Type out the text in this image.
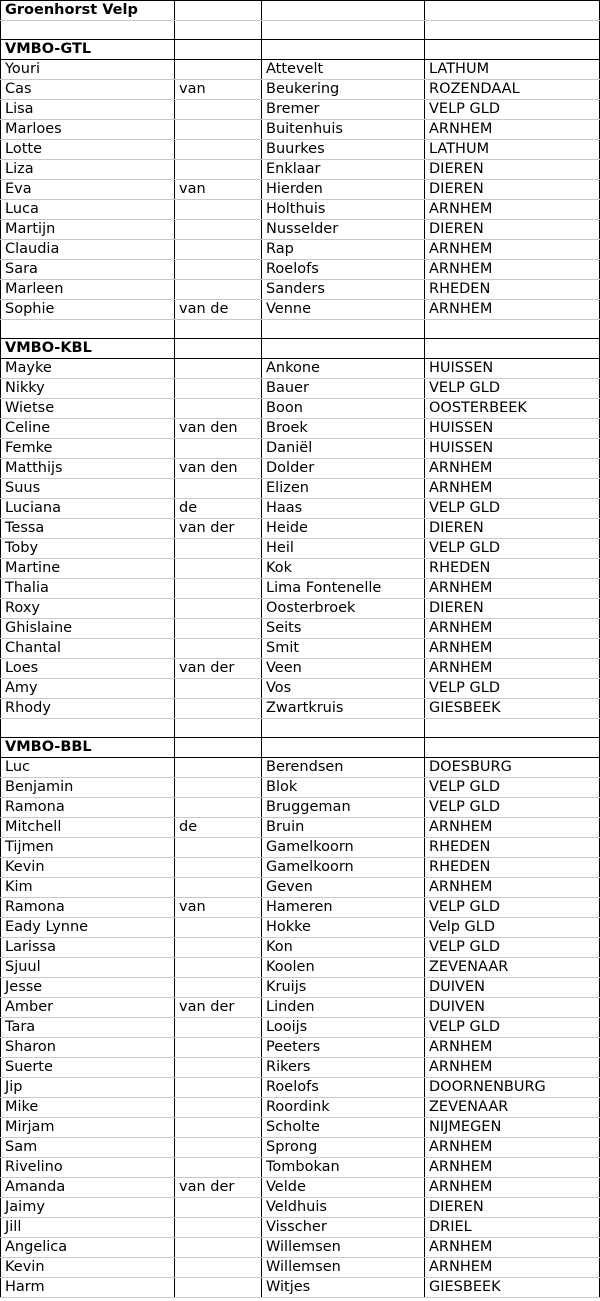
Groenhorst Velp			

VMBO-GTL			
Youri		Attevelt	LATHUM
Cas	van	Beukering	ROZENDAAL
Lisa		Bremer	VELP GLD
Marloes		Buitenhuis	ARNHEM
Lotte		Buurkes	LATHUM
Liza		Enklaar	DIEREN
Eva	van	Hierden	DIEREN
Luca		Holthuis	ARNHEM
Martijn		Nusselder	DIEREN
Claudia		Rap	ARNHEM
Sara		Roelofs	ARNHEM
Marleen		Sanders	RHEDEN
Sophie	van de	Venne	ARNHEM

VMBO-KBL			
Mayke		Ankone	HUISSEN
Nikky		Bauer	VELP GLD
Wietse		Boon	OOSTERBEEK
Celine	van den	Broek	HUISSEN
Femke		Daniël	HUISSEN
Matthijs	van den	Dolder	ARNHEM
Suus		Elizen	ARNHEM
Luciana	de	Haas	VELP GLD
Tessa	van der	Heide	DIEREN
Toby		Heil	VELP GLD
Martine		Kok	RHEDEN
Thalia		Lima Fontenelle	ARNHEM
Roxy		Oosterbroek	DIEREN
Ghislaine		Seits	ARNHEM
Chantal		Smit	ARNHEM
Loes	van der	Veen	ARNHEM
Amy		Vos	VELP GLD
Rhody		Zwartkruis	GIESBEEK

VMBO-BBL			
Luc		Berendsen	DOESBURG
Benjamin		Blok	VELP GLD
Ramona		Bruggeman	VELP GLD
Mitchell	de	Bruin	ARNHEM
Tijmen		Gamelkoorn	RHEDEN
Kevin		Gamelkoorn	RHEDEN
Kim		Geven	ARNHEM
Ramona	van	Hameren	VELP GLD
Eady Lynne		Hokke	Velp GLD
Larissa		Kon	VELP GLD
Sjuul		Koolen	ZEVENAAR
Jesse		Kruijs	DUIVEN
Amber	van der	Linden	DUIVEN
Tara		Looijs	VELP GLD
Sharon		Peeters	ARNHEM
Suerte		Rikers	ARNHEM
Jip		Roelofs	DOORNENBURG
Mike		Roordink	ZEVENAAR
Mirjam		Scholte	NIJMEGEN
Sam		Sprong	ARNHEM
Rivelino		Tombokan	ARNHEM
Amanda	van der	Velde	ARNHEM
Jaimy		Veldhuis	DIEREN
Jill		Visscher	DRIEL
Angelica		Willemsen	ARNHEM
Kevin		Willemsen	ARNHEM
Harm		Witjes	GIESBEEK
